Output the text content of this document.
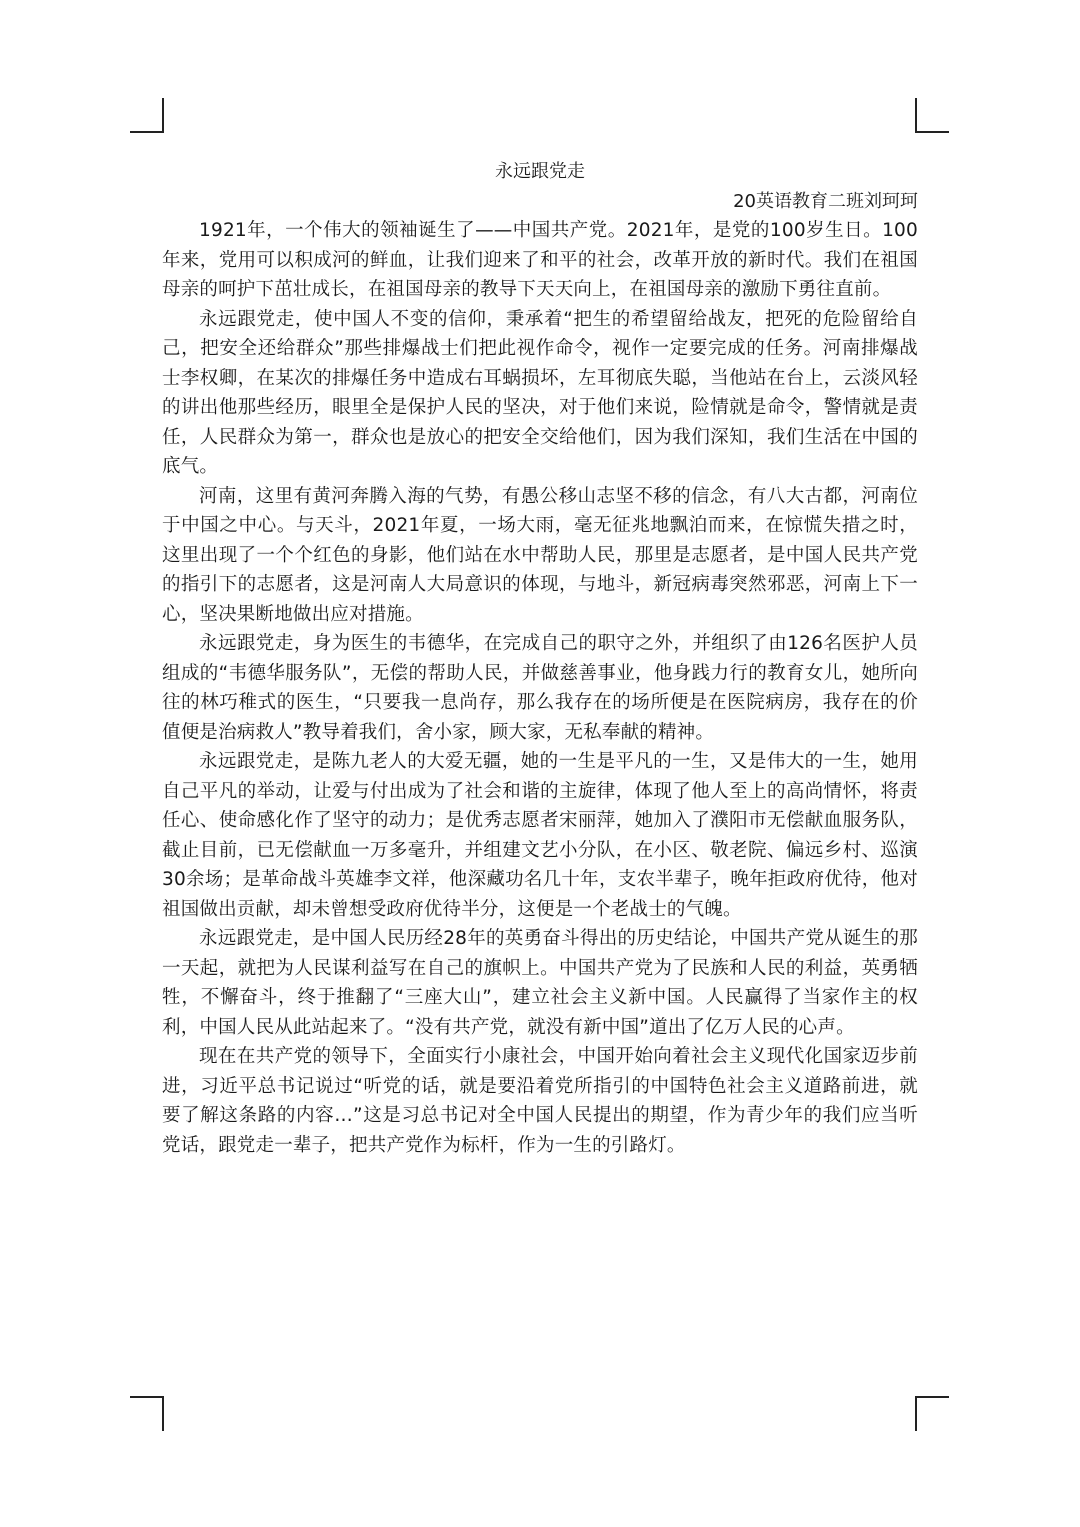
永远跟党走

20英语教育二班刘珂珂

1921年，一个伟大的领袖诞生了——中国共产党。2021年，是党的100岁生日。100年来，党用可以积成河的鲜血，让我们迎来了和平的社会，改革开放的新时代。我们在祖国母亲的呵护下茁壮成长，在祖国母亲的教导下天天向上，在祖国母亲的激励下勇往直前。

永远跟党走，使中国人不变的信仰，秉承着“把生的希望留给战友，把死的危险留给自己，把安全还给群众”那些排爆战士们把此视作命令，视作一定要完成的任务。河南排爆战士李权卿，在某次的排爆任务中造成右耳蜗损坏，左耳彻底失聪，当他站在台上，云淡风轻的讲出他那些经历，眼里全是保护人民的坚决，对于他们来说，险情就是命令，警情就是责任，人民群众为第一，群众也是放心的把安全交给他们，因为我们深知，我们生活在中国的底气。

河南，这里有黄河奔腾入海的气势，有愚公移山志坚不移的信念，有八大古都，河南位于中国之中心。与天斗，2021年夏，一场大雨，毫无征兆地飘泊而来，在惊慌失措之时，这里出现了一个个红色的身影，他们站在水中帮助人民，那里是志愿者，是中国人民共产党的指引下的志愿者，这是河南人大局意识的体现，与地斗，新冠病毒突然邪恶，河南上下一心，坚决果断地做出应对措施。

永远跟党走，身为医生的韦德华，在完成自己的职守之外，并组织了由126名医护人员组成的“韦德华服务队”，无偿的帮助人民，并做慈善事业，他身践力行的教育女儿，她所向往的林巧稚式的医生，“只要我一息尚存，那么我存在的场所便是在医院病房，我存在的价值便是治病救人”教导着我们，舍小家，顾大家，无私奉献的精神。

永远跟党走，是陈九老人的大爱无疆，她的一生是平凡的一生，又是伟大的一生，她用自己平凡的举动，让爱与付出成为了社会和谐的主旋律，体现了他人至上的高尚情怀，将责任心、使命感化作了坚守的动力；是优秀志愿者宋丽萍，她加入了濮阳市无偿献血服务队，截止目前，已无偿献血一万多毫升，并组建文艺小分队，在小区、敬老院、偏远乡村、巡演30余场；是革命战斗英雄李文祥，他深藏功名几十年，支农半辈子，晚年拒政府优待，他对祖国做出贡献，却未曾想受政府优待半分，这便是一个老战士的气魄。

永远跟党走，是中国人民历经28年的英勇奋斗得出的历史结论，中国共产党从诞生的那一天起，就把为人民谋利益写在自己的旗帜上。中国共产党为了民族和人民的利益，英勇牺牲，不懈奋斗，终于推翻了“三座大山”，建立社会主义新中国。人民赢得了当家作主的权利，中国人民从此站起来了。“没有共产党，就没有新中国”道出了亿万人民的心声。

现在在共产党的领导下，全面实行小康社会，中国开始向着社会主义现代化国家迈步前进，习近平总书记说过“听党的话，就是要沿着党所指引的中国特色社会主义道路前进，就要了解这条路的内容…”这是习总书记对全中国人民提出的期望，作为青少年的我们应当听党话，跟党走一辈子，把共产党作为标杆，作为一生的引路灯。
